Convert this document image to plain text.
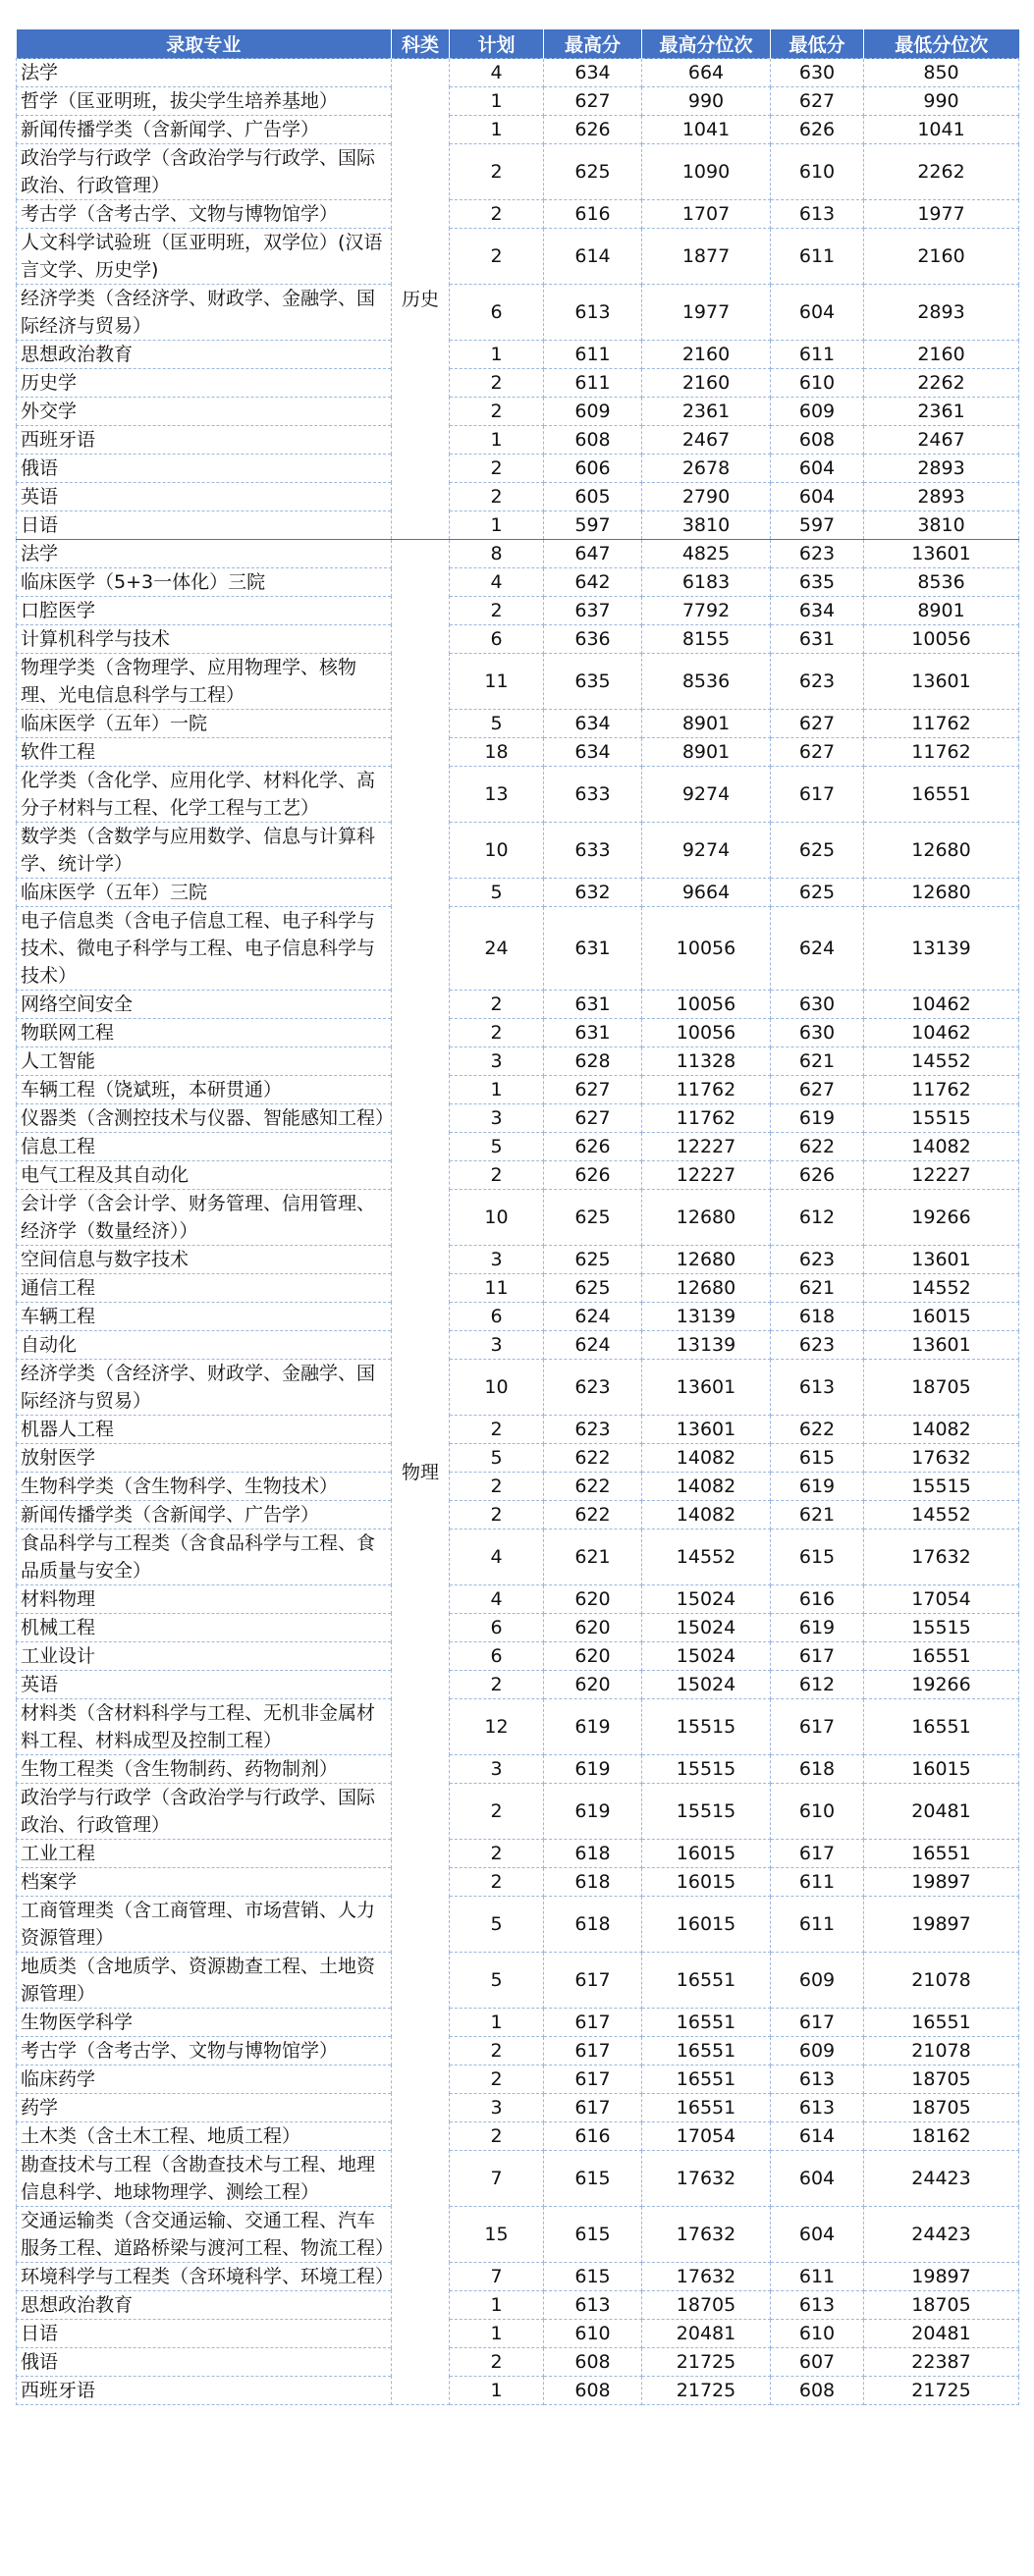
录取专业	科类	计划	最高分	最高分位次	最低分	最低分位次
法学	历史	4	634	664	630	850
哲学（匡亚明班，拔尖学生培养基地）		1	627	990	627	990
新闻传播学类（含新闻学、广告学）		1	626	1041	626	1041
政治学与行政学（含政治学与行政学、国际政治、行政管理）		2	625	1090	610	2262
考古学（含考古学、文物与博物馆学）		2	616	1707	613	1977
人文科学试验班（匡亚明班，双学位）(汉语言文学、历史学)		2	614	1877	611	2160
经济学类（含经济学、财政学、金融学、国际经济与贸易）		6	613	1977	604	2893
思想政治教育		1	611	2160	611	2160
历史学		2	611	2160	610	2262
外交学		2	609	2361	609	2361
西班牙语		1	608	2467	608	2467
俄语		2	606	2678	604	2893
英语		2	605	2790	604	2893
日语		1	597	3810	597	3810
法学	物理	8	647	4825	623	13601
临床医学（5+3一体化）三院		4	642	6183	635	8536
口腔医学		2	637	7792	634	8901
计算机科学与技术		6	636	8155	631	10056
物理学类（含物理学、应用物理学、核物理、光电信息科学与工程）		11	635	8536	623	13601
临床医学（五年）一院		5	634	8901	627	11762
软件工程		18	634	8901	627	11762
化学类（含化学、应用化学、材料化学、高分子材料与工程、化学工程与工艺）		13	633	9274	617	16551
数学类（含数学与应用数学、信息与计算科学、统计学）		10	633	9274	625	12680
临床医学（五年）三院		5	632	9664	625	12680
电子信息类（含电子信息工程、电子科学与技术、微电子科学与工程、电子信息科学与技术）		24	631	10056	624	13139
网络空间安全		2	631	10056	630	10462
物联网工程		2	631	10056	630	10462
人工智能		3	628	11328	621	14552
车辆工程（饶斌班，本研贯通）		1	627	11762	627	11762
仪器类（含测控技术与仪器、智能感知工程）		3	627	11762	619	15515
信息工程		5	626	12227	622	14082
电气工程及其自动化		2	626	12227	626	12227
会计学（含会计学、财务管理、信用管理、经济学（数量经济））		10	625	12680	612	19266
空间信息与数字技术		3	625	12680	623	13601
通信工程		11	625	12680	621	14552
车辆工程		6	624	13139	618	16015
自动化		3	624	13139	623	13601
经济学类（含经济学、财政学、金融学、国际经济与贸易）		10	623	13601	613	18705
机器人工程		2	623	13601	622	14082
放射医学		5	622	14082	615	17632
生物科学类（含生物科学、生物技术）		2	622	14082	619	15515
新闻传播学类（含新闻学、广告学）		2	622	14082	621	14552
食品科学与工程类（含食品科学与工程、食品质量与安全）		4	621	14552	615	17632
材料物理		4	620	15024	616	17054
机械工程		6	620	15024	619	15515
工业设计		6	620	15024	617	16551
英语		2	620	15024	612	19266
材料类（含材料科学与工程、无机非金属材料工程、材料成型及控制工程）		12	619	15515	617	16551
生物工程类（含生物制药、药物制剂）		3	619	15515	618	16015
政治学与行政学（含政治学与行政学、国际政治、行政管理）		2	619	15515	610	20481
工业工程		2	618	16015	617	16551
档案学		2	618	16015	611	19897
工商管理类（含工商管理、市场营销、人力资源管理）		5	618	16015	611	19897
地质类（含地质学、资源勘查工程、土地资源管理）		5	617	16551	609	21078
生物医学科学		1	617	16551	617	16551
考古学（含考古学、文物与博物馆学）		2	617	16551	609	21078
临床药学		2	617	16551	613	18705
药学		3	617	16551	613	18705
土木类（含土木工程、地质工程）		2	616	17054	614	18162
勘查技术与工程（含勘查技术与工程、地理信息科学、地球物理学、测绘工程）		7	615	17632	604	24423
交通运输类（含交通运输、交通工程、汽车服务工程、道路桥梁与渡河工程、物流工程）		15	615	17632	604	24423
环境科学与工程类（含环境科学、环境工程）		7	615	17632	611	19897
思想政治教育		1	613	18705	613	18705
日语		1	610	20481	610	20481
俄语		2	608	21725	607	22387
西班牙语		1	608	21725	608	21725
